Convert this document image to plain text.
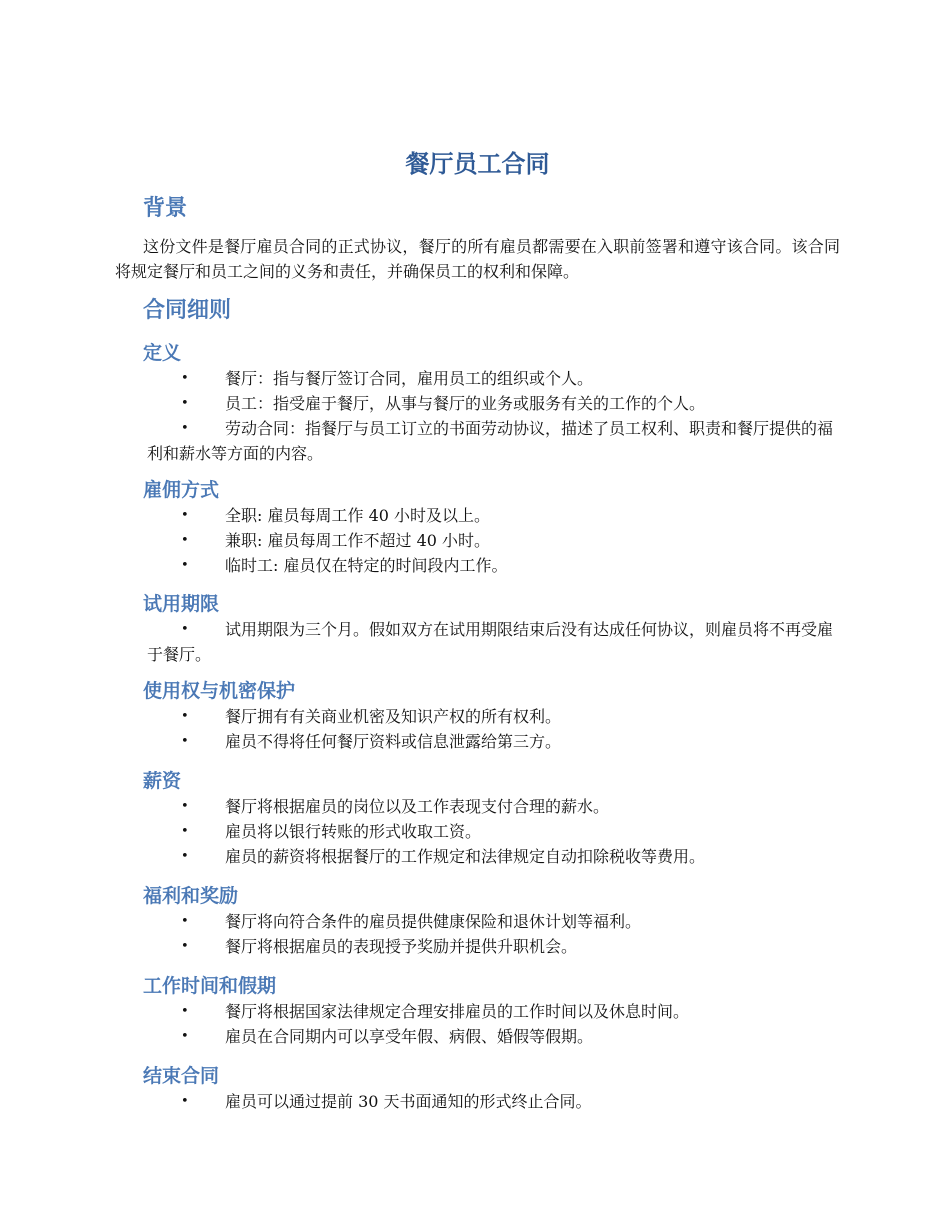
餐厅员工合同
背景

这份文件是餐厅雇员合同的正式协议，餐厅的所有雇员都需要在入职前签署和遵守该合同。该合同将规定餐厅和员工之间的义务和责任，并确保员工的权利和保障。

合同细则
定义
• 餐厅：指与餐厅签订合同，雇用员工的组织或个人。
• 员工：指受雇于餐厅，从事与餐厅的业务或服务有关的工作的个人。
• 劳动合同：指餐厅与员工订立的书面劳动协议，描述了员工权利、职责和餐厅提供的福利和薪水等方面的内容。
雇佣方式
• 全职: 雇员每周工作 40 小时及以上。
• 兼职: 雇员每周工作不超过 40 小时。
• 临时工: 雇员仅在特定的时间段内工作。
试用期限
• 试用期限为三个月。假如双方在试用期限结束后没有达成任何协议，则雇员将不再受雇于餐厅。
使用权与机密保护
• 餐厅拥有有关商业机密及知识产权的所有权利。
• 雇员不得将任何餐厅资料或信息泄露给第三方。
薪资
• 餐厅将根据雇员的岗位以及工作表现支付合理的薪水。
• 雇员将以银行转账的形式收取工资。
• 雇员的薪资将根据餐厅的工作规定和法律规定自动扣除税收等费用。
福利和奖励
• 餐厅将向符合条件的雇员提供健康保险和退休计划等福利。
• 餐厅将根据雇员的表现授予奖励并提供升职机会。
工作时间和假期
• 餐厅将根据国家法律规定合理安排雇员的工作时间以及休息时间。
• 雇员在合同期内可以享受年假、病假、婚假等假期。
结束合同
• 雇员可以通过提前 30 天书面通知的形式终止合同。
